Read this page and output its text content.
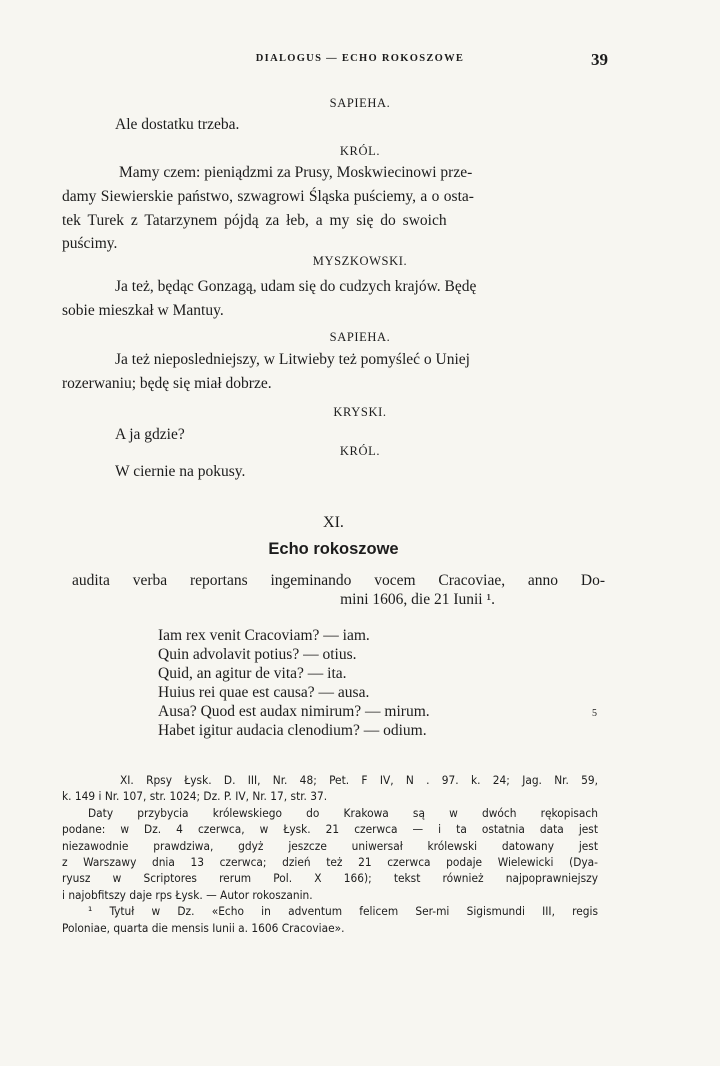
DIALOGUS — ECHO ROKOSZOWE	39

SAPIEHA.

Ale dostatku trzeba.

KRÓL.

Mamy czem: pieniądzmi za Prusy, Moskwiecinowi prze-

damy Siewierskie państwo, szwagrowi Śląska puściemy, a o osta-

tek Turek z Tatarzynem pójdą za łeb, a my się do swoich

puścimy.

MYSZKOWSKI.

Ja też, będąc Gonzagą, udam się do cudzych krajów. Będę

sobie mieszkał w Mantuy.

SAPIEHA.

Ja też nieposledniejszy, w Litwieby też pomyśleć o Uniej

rozerwaniu; będę się miał dobrze.

KRYSKI.

A ja gdzie?

KRÓL.

W ciernie na pokusy.

XI.

Echo rokoszowe

audita verba reportans ingeminando vocem Cracoviae, anno Do-

mini 1606, die 21 Iunii ¹.

Iam rex venit Cracoviam? — iam.

Quin advolavit potius? — otius.

Quid, an agitur de vita? — ita.

Huius rei quae est causa? — ausa.

Ausa? Quod est audax nimirum? — mirum.	5

Habet igitur audacia clenodium? — odium.

XI. Rpsy Łysk. D. III, Nr. 48; Pet. F IV, N . 97. k. 24; Jag. Nr. 59,

k. 149 i Nr. 107, str. 1024; Dz. P. IV, Nr. 17, str. 37.

Daty przybycia królewskiego do Krakowa są w dwóch rękopisach

podane: w Dz. 4 czerwca, w Łysk. 21 czerwca — i ta ostatnia data jest

niezawodnie prawdziwa, gdyż jeszcze uniwersał królewski datowany jest

z Warszawy dnia 13 czerwca; dzień też 21 czerwca podaje Wielewicki (Dya-

ryusz w Scriptores rerum Pol. X 166); tekst również najpoprawniejszy

i najobfitszy daje rps Łysk. — Autor rokoszanin.

¹ Tytuł w Dz. «Echo in adventum felicem Ser-mi Sigismundi III, regis

Poloniae, quarta die mensis Iunii a. 1606 Cracoviae».
